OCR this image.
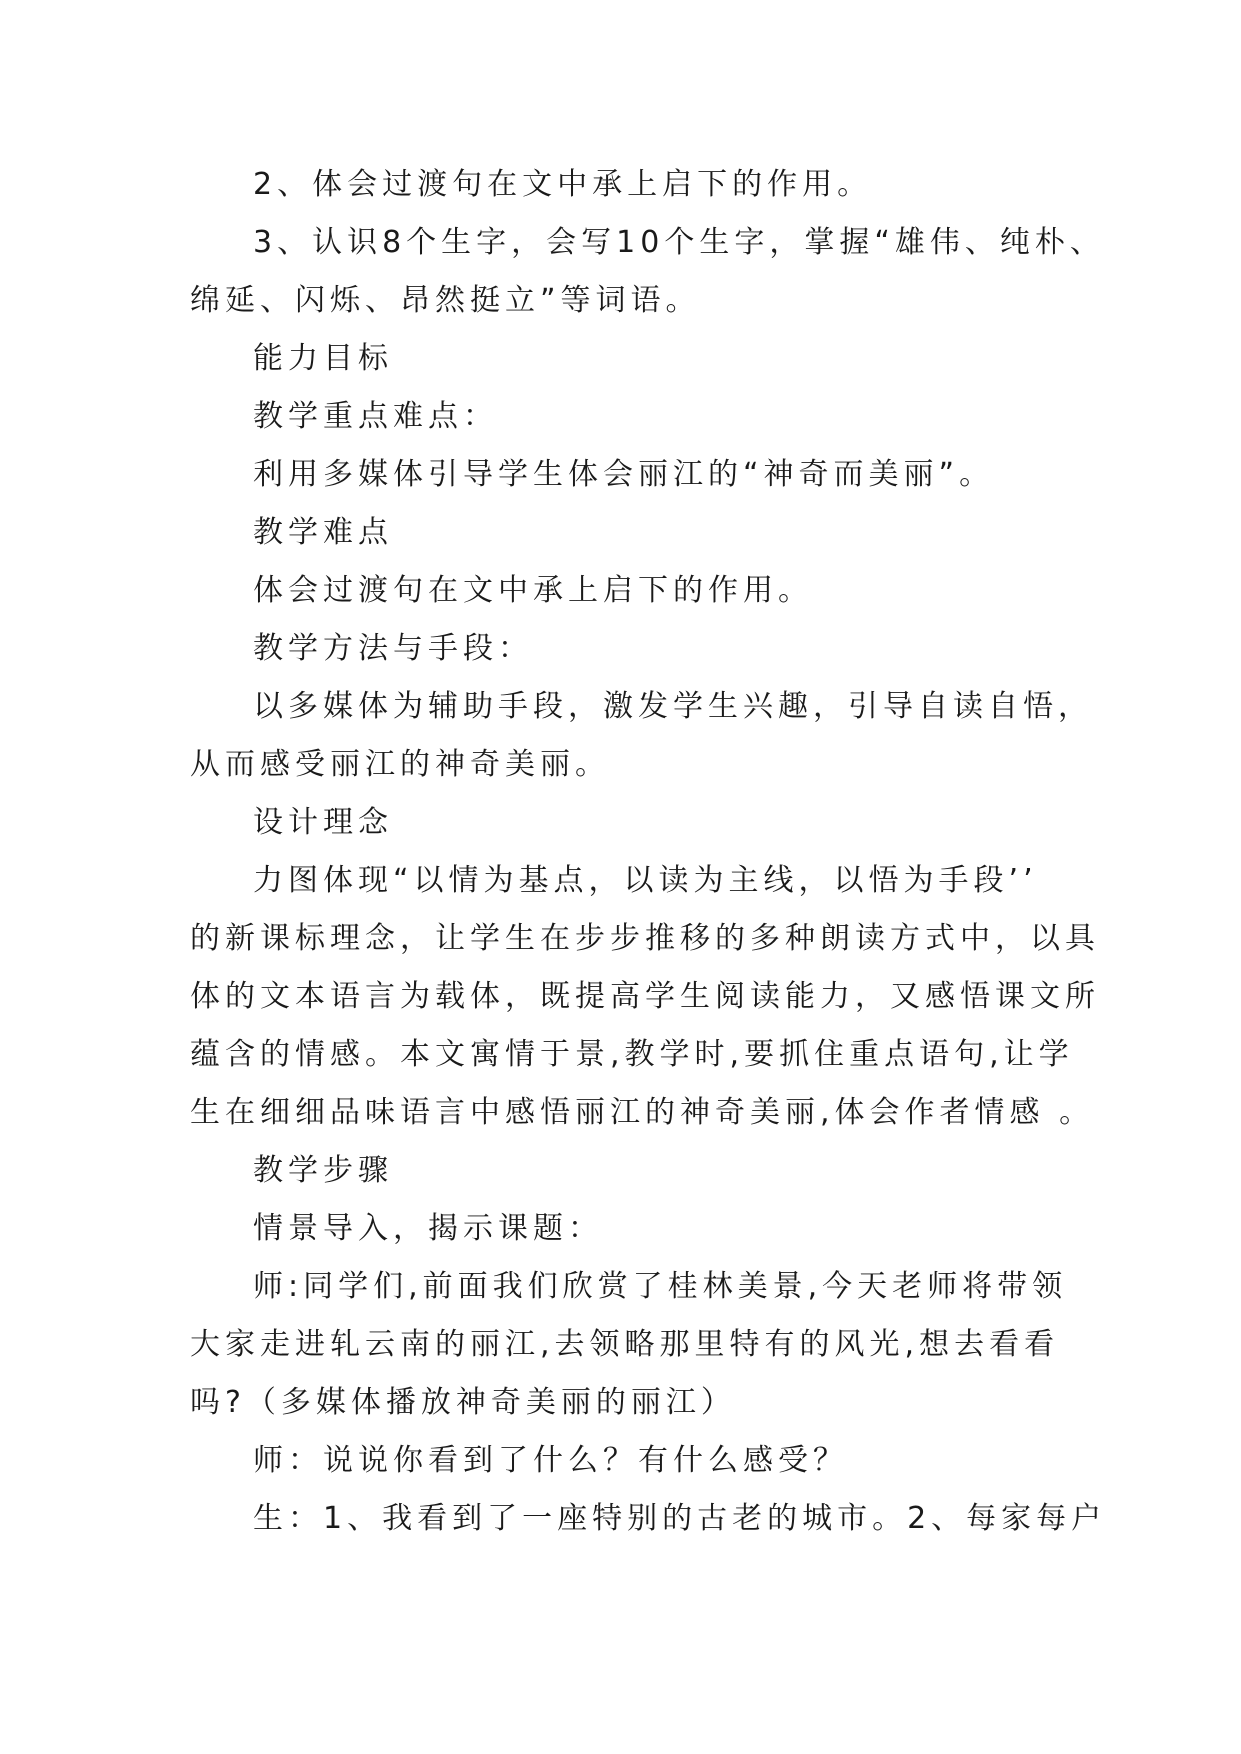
2、体会过渡句在文中承上启下的作用。
3、认识8个生字，会写10个生字，掌握“雄伟、纯朴、
绵延、闪烁、昂然挺立”等词语。
能力目标
教学重点难点：
利用多媒体引导学生体会丽江的“神奇而美丽”。
教学难点
体会过渡句在文中承上启下的作用。
教学方法与手段：
以多媒体为辅助手段，激发学生兴趣，引导自读自悟，
从而感受丽江的神奇美丽。
设计理念
力图体现“以情为基点，以读为主线，以悟为手段’’
的新课标理念，让学生在步步推移的多种朗读方式中，以具
体的文本语言为载体，既提高学生阅读能力，又感悟课文所
蕴含的情感。本文寓情于景,教学时,要抓住重点语句,让学
生在细细品味语言中感悟丽江的神奇美丽,体会作者情感 。
教学步骤
情景导入，揭示课题：
师:同学们,前面我们欣赏了桂林美景,今天老师将带领
大家走进轧云南的丽江,去领略那里特有的风光,想去看看
吗?（多媒体播放神奇美丽的丽江）
师：说说你看到了什么？有什么感受？
生：1、我看到了一座特别的古老的城市。2、每家每户
